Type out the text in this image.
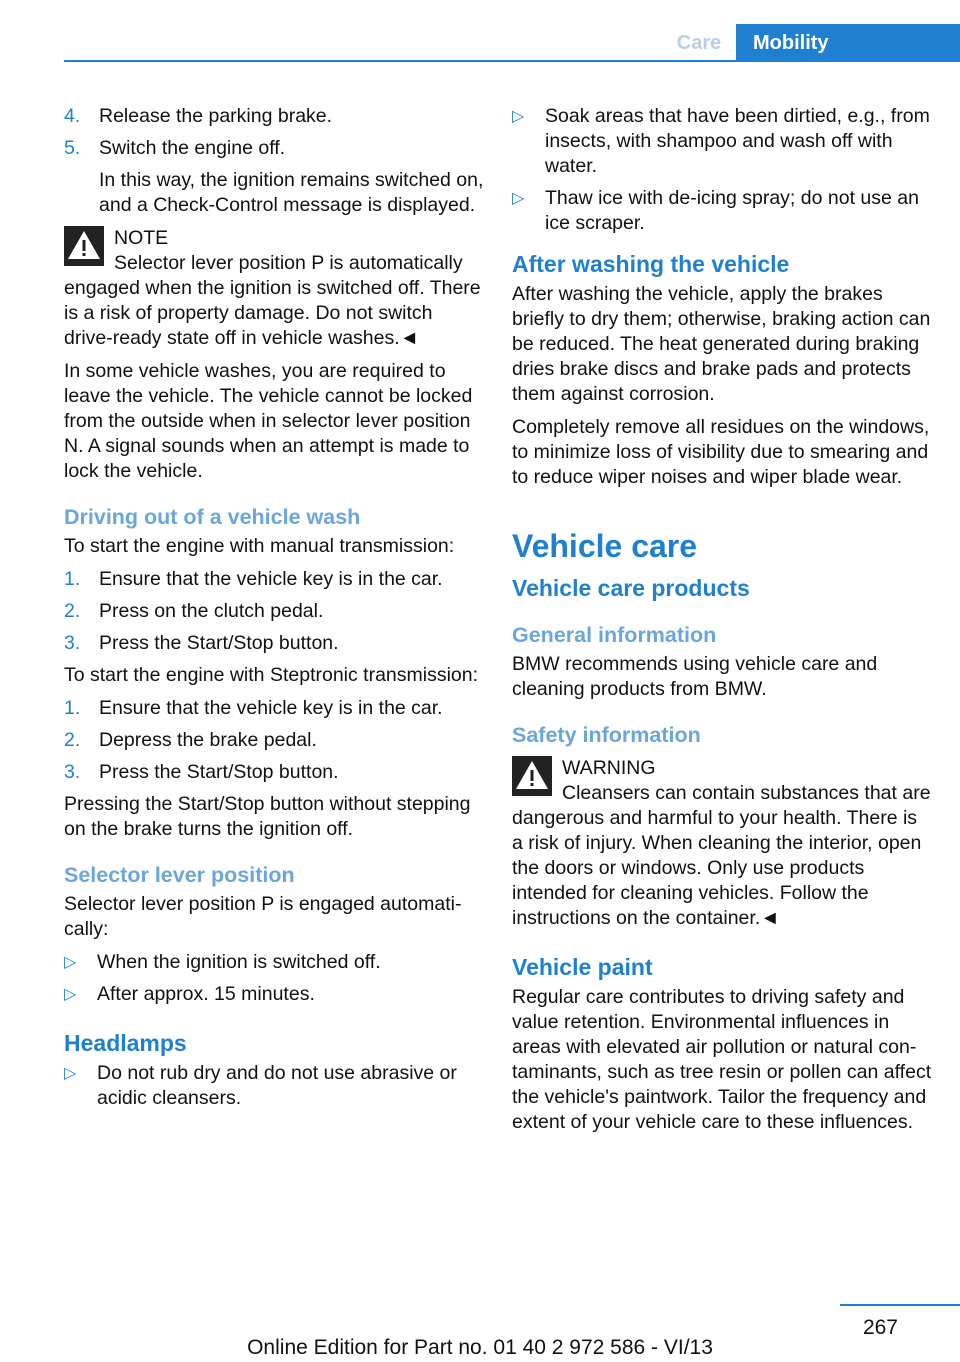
Care	Mobility
4. Release the parking brake.
5. Switch the engine off.

In this way, the ignition remains switched on, and a Check-Control message is displayed.

NOTE
Selector lever position P is automatically engaged when the ignition is switched off. There is a risk of property damage. Do not switch drive-ready state off in vehicle washes.◄

In some vehicle washes, you are required to leave the vehicle. The vehicle cannot be locked from the outside when in selector lever position N. A signal sounds when an attempt is made to lock the vehicle.

Driving out of a vehicle wash

To start the engine with manual transmission:

1. Ensure that the vehicle key is in the car.
2. Press on the clutch pedal.
3. Press the Start/Stop button.

To start the engine with Steptronic transmission:

1. Ensure that the vehicle key is in the car.
2. Depress the brake pedal.
3. Press the Start/Stop button.

Pressing the Start/Stop button without stepping on the brake turns the ignition off.

Selector lever position

Selector lever position P is engaged automatically:

▷	When the ignition is switched off.
▷	After approx. 15 minutes.
Headlamps
▷	Do not rub dry and do not use abrasive or acidic cleansers.
▷	Soak areas that have been dirtied, e.g., from insects, with shampoo and wash off with water.
▷	Thaw ice with de-icing spray; do not use an ice scraper.
After washing the vehicle

After washing the vehicle, apply the brakes briefly to dry them; otherwise, braking action can be reduced. The heat generated during braking dries brake discs and brake pads and protects them against corrosion.

Completely remove all residues on the windows, to minimize loss of visibility due to smearing and to reduce wiper noises and wiper blade wear.

Vehicle care
Vehicle care products
General information

BMW recommends using vehicle care and cleaning products from BMW.

Safety information
WARNING
Cleansers can contain substances that are dangerous and harmful to your health. There is a risk of injury. When cleaning the interior, open the doors or windows. Only use products intended for cleaning vehicles. Follow the instructions on the container.◄
Vehicle paint

Regular care contributes to driving safety and value retention. Environmental influences in areas with elevated air pollution or natural contaminants, such as tree resin or pollen can affect the vehicle's paintwork. Tailor the frequency and extent of your vehicle care to these influences.

267
Online Edition for Part no. 01 40 2 972 586 - VI/13
